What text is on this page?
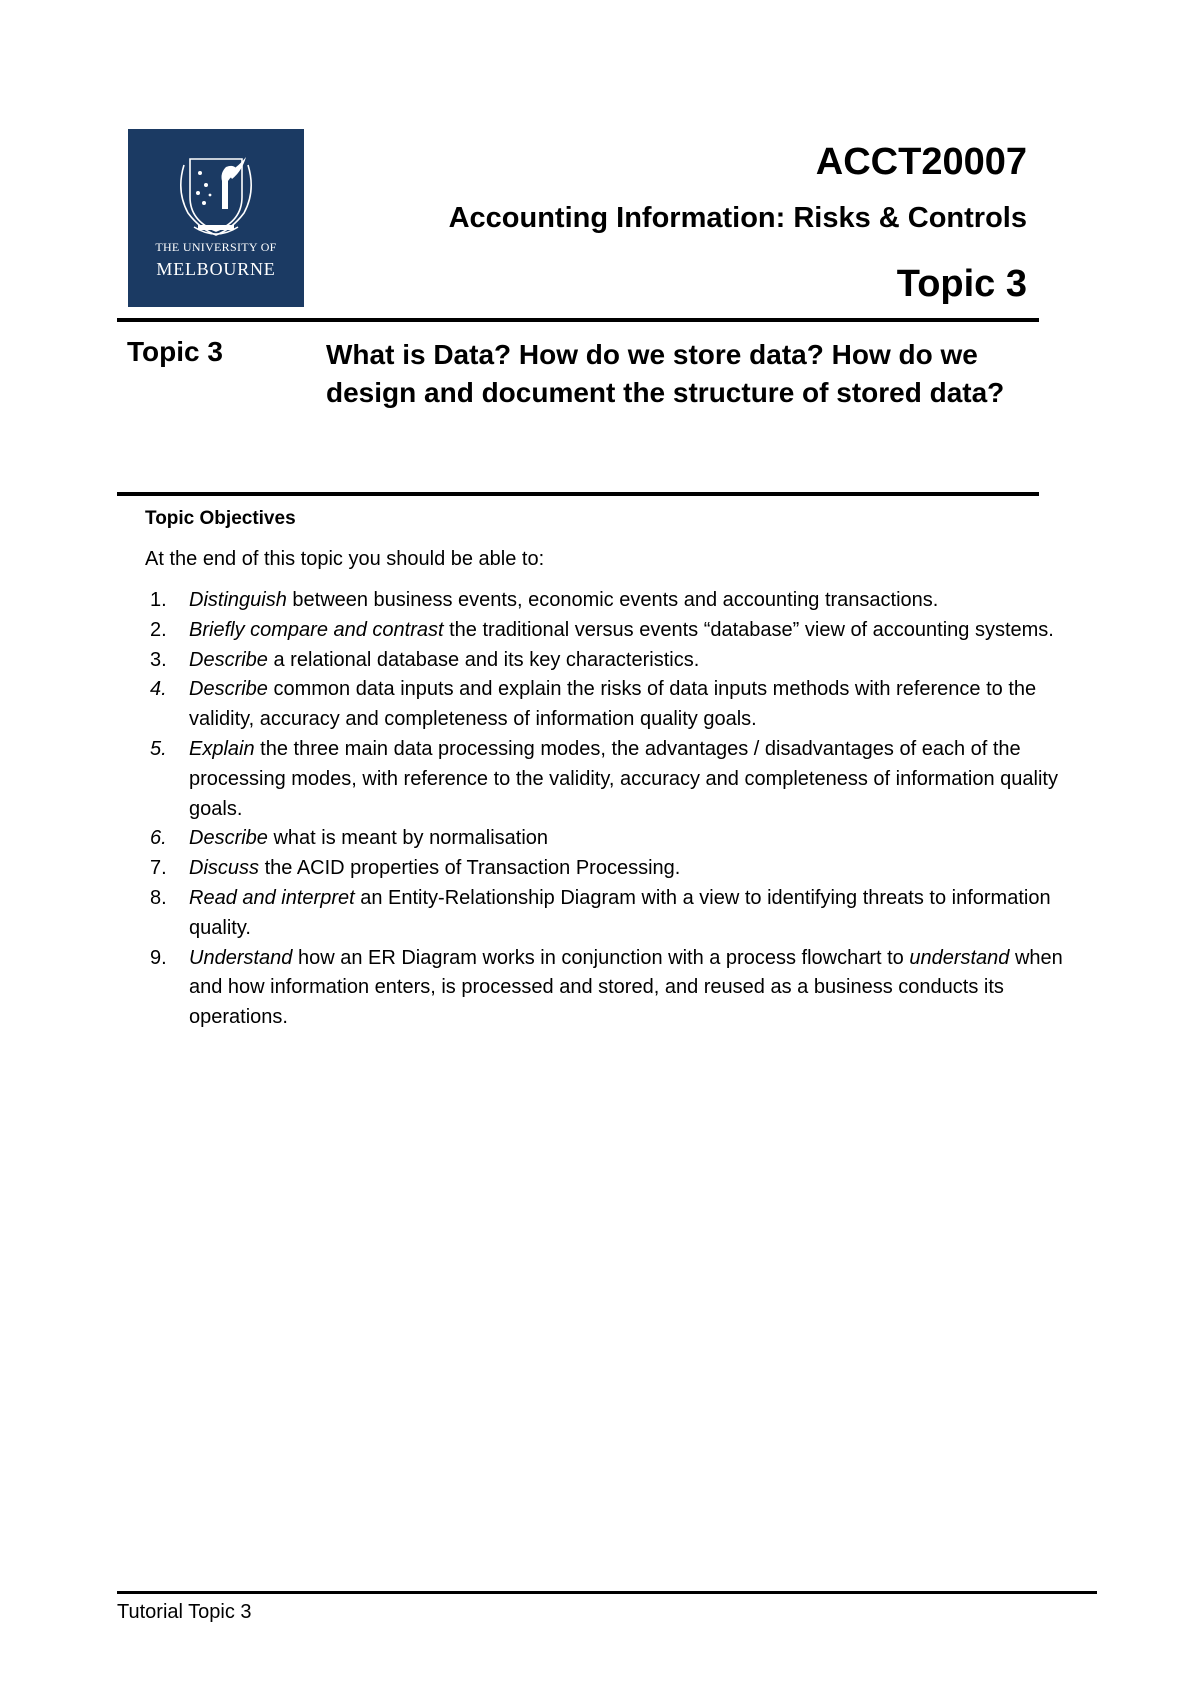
THE UNIVERSITY OF
MELBOURNE
ACCT20007
Accounting Information: Risks & Controls
Topic 3
Topic 3	What is Data? How do we store data? How do we design and document the structure of stored data?
Topic Objectives
At the end of this topic you should be able to:
1. Distinguish between business events, economic events and accounting transactions.
2. Briefly compare and contrast the traditional versus events “database” view of accounting systems.
3. Describe a relational database and its key characteristics.
4. Describe common data inputs and explain the risks of data inputs methods with reference to the validity, accuracy and completeness of information quality goals.
5. Explain the three main data processing modes, the advantages / disadvantages of each of the processing modes, with reference to the validity, accuracy and completeness of information quality goals.
6. Describe what is meant by normalisation
7. Discuss the ACID properties of Transaction Processing.
8. Read and interpret an Entity-Relationship Diagram with a view to identifying threats to information quality.
9. Understand how an ER Diagram works in conjunction with a process flowchart to understand when and how information enters, is processed and stored, and reused as a business conducts its operations.
Tutorial Topic 3
